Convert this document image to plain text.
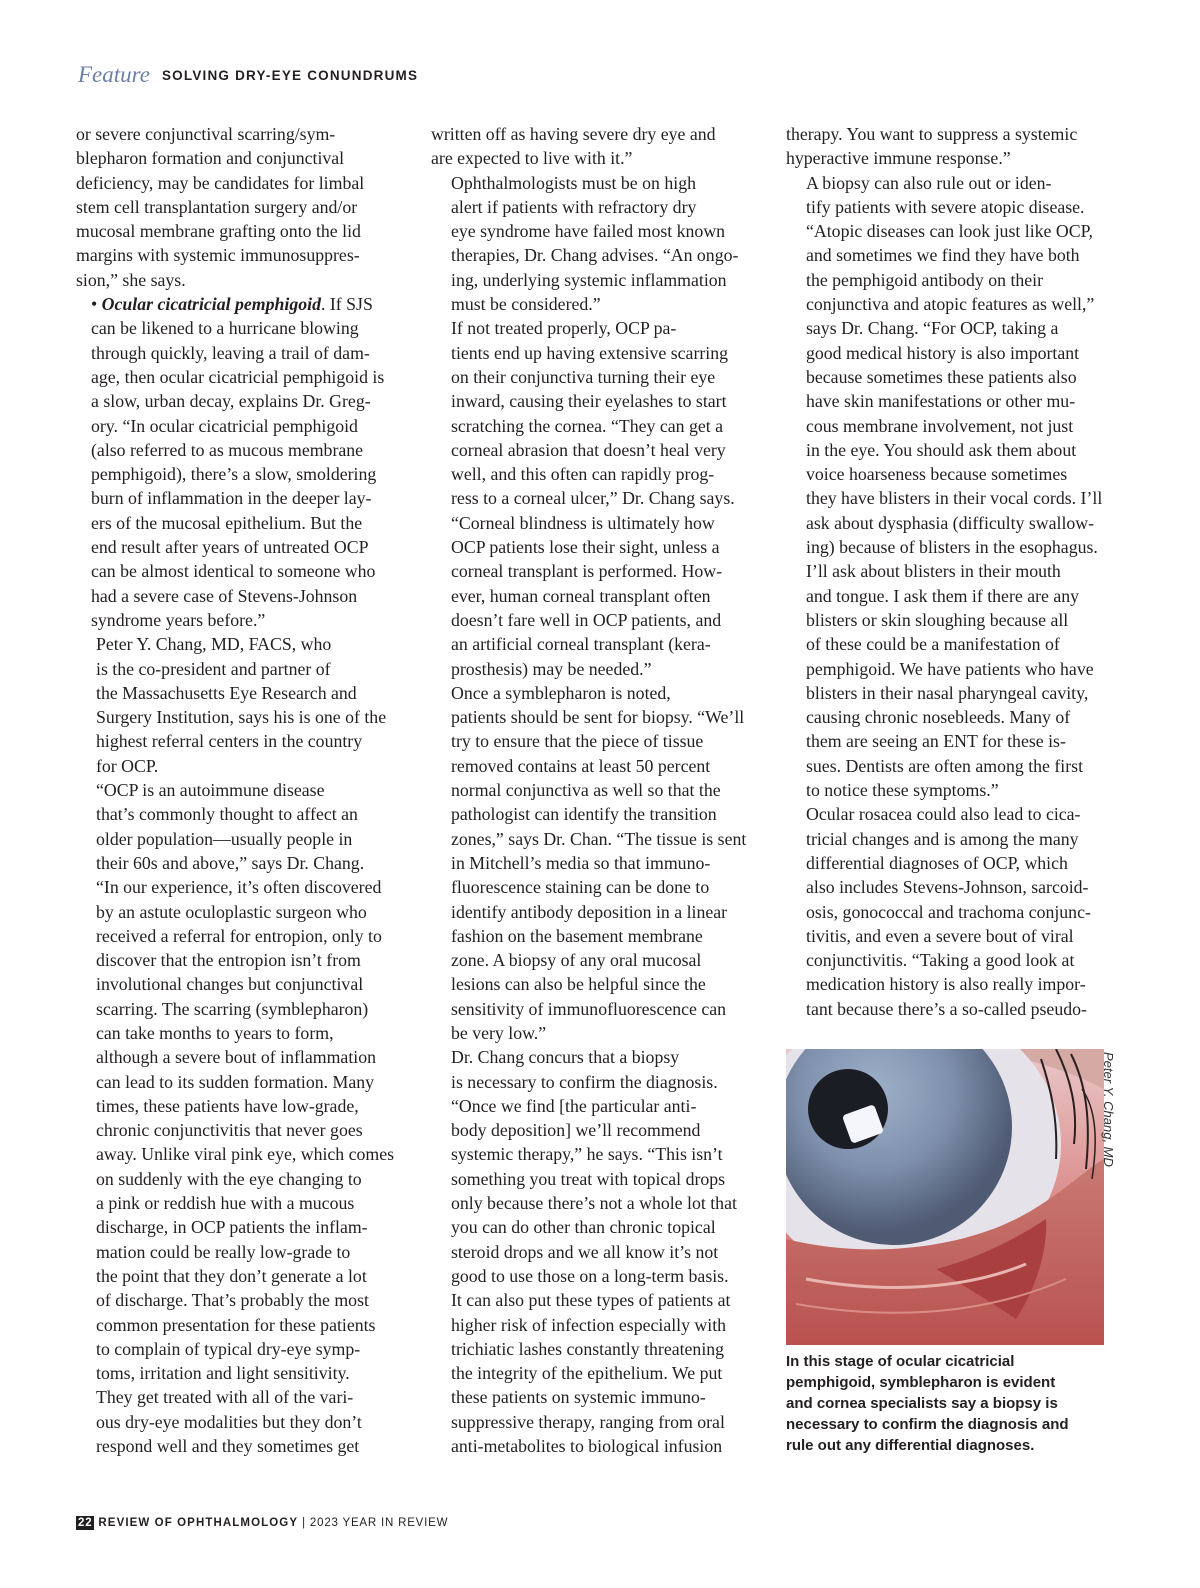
Feature SOLVING DRY-EYE CONUNDRUMS

or severe conjunctival scarring/sym-
blepharon formation and conjunctival
deficiency, may be candidates for limbal
stem cell transplantation surgery and/or
mucosal membrane grafting onto the lid
margins with systemic immunosuppres-
sion,” she says.

• Ocular cicatricial pemphigoid. If SJS
can be likened to a hurricane blowing
through quickly, leaving a trail of dam-
age, then ocular cicatricial pemphigoid is
a slow, urban decay, explains Dr. Greg-
ory. “In ocular cicatricial pemphigoid
(also referred to as mucous membrane
pemphigoid), there’s a slow, smoldering
burn of inflammation in the deeper lay-
ers of the mucosal epithelium. But the
end result after years of untreated OCP
can be almost identical to someone who
had a severe case of Stevens-Johnson
syndrome years before.”

Peter Y. Chang, MD, FACS, who
is the co-president and partner of
the Massachusetts Eye Research and
Surgery Institution, says his is one of the
highest referral centers in the country
for OCP.

“OCP is an autoimmune disease
that’s commonly thought to affect an
older population—usually people in
their 60s and above,” says Dr. Chang.
“In our experience, it’s often discovered
by an astute oculoplastic surgeon who
received a referral for entropion, only to
discover that the entropion isn’t from
involutional changes but conjunctival
scarring. The scarring (symblepharon)
can take months to years to form,
although a severe bout of inflammation
can lead to its sudden formation. Many
times, these patients have low-grade,
chronic conjunctivitis that never goes
away. Unlike viral pink eye, which comes
on suddenly with the eye changing to
a pink or reddish hue with a mucous
discharge, in OCP patients the inflam-
mation could be really low-grade to
the point that they don’t generate a lot
of discharge. That’s probably the most
common presentation for these patients
to complain of typical dry-eye symp-
toms, irritation and light sensitivity.
They get treated with all of the vari-
ous dry-eye modalities but they don’t
respond well and they sometimes get

written off as having severe dry eye and
are expected to live with it.”

Ophthalmologists must be on high
alert if patients with refractory dry
eye syndrome have failed most known
therapies, Dr. Chang advises. “An ongo-
ing, underlying systemic inflammation
must be considered.”

If not treated properly, OCP pa-
tients end up having extensive scarring
on their conjunctiva turning their eye
inward, causing their eyelashes to start
scratching the cornea. “They can get a
corneal abrasion that doesn’t heal very
well, and this often can rapidly prog-
ress to a corneal ulcer,” Dr. Chang says.
“Corneal blindness is ultimately how
OCP patients lose their sight, unless a
corneal transplant is performed. How-
ever, human corneal transplant often
doesn’t fare well in OCP patients, and
an artificial corneal transplant (kera-
prosthesis) may be needed.”

Once a symblepharon is noted,
patients should be sent for biopsy. “We’ll
try to ensure that the piece of tissue
removed contains at least 50 percent
normal conjunctiva as well so that the
pathologist can identify the transition
zones,” says Dr. Chan. “The tissue is sent
in Mitchell’s media so that immuno-
fluorescence staining can be done to
identify antibody deposition in a linear
fashion on the basement membrane
zone. A biopsy of any oral mucosal
lesions can also be helpful since the
sensitivity of immunofluorescence can
be very low.”

Dr. Chang concurs that a biopsy
is necessary to confirm the diagnosis.
“Once we find [the particular anti-
body deposition] we’ll recommend
systemic therapy,” he says. “This isn’t
something you treat with topical drops
only because there’s not a whole lot that
you can do other than chronic topical
steroid drops and we all know it’s not
good to use those on a long-term basis.
It can also put these types of patients at
higher risk of infection especially with
trichiatic lashes constantly threatening
the integrity of the epithelium. We put
these patients on systemic immuno-
suppressive therapy, ranging from oral
anti-metabolites to biological infusion

therapy. You want to suppress a systemic
hyperactive immune response.”

A biopsy can also rule out or iden-
tify patients with severe atopic disease.
“Atopic diseases can look just like OCP,
and sometimes we find they have both
the pemphigoid antibody on their
conjunctiva and atopic features as well,”
says Dr. Chang. “For OCP, taking a
good medical history is also important
because sometimes these patients also
have skin manifestations or other mu-
cous membrane involvement, not just
in the eye. You should ask them about
voice hoarseness because sometimes
they have blisters in their vocal cords. I’ll
ask about dysphasia (difficulty swallow-
ing) because of blisters in the esophagus.
I’ll ask about blisters in their mouth
and tongue. I ask them if there are any
blisters or skin sloughing because all
of these could be a manifestation of
pemphigoid. We have patients who have
blisters in their nasal pharyngeal cavity,
causing chronic nosebleeds. Many of
them are seeing an ENT for these is-
sues. Dentists are often among the first
to notice these symptoms.”

Ocular rosacea could also lead to cica-
tricial changes and is among the many
differential diagnoses of OCP, which
also includes Stevens-Johnson, sarcoid-
osis, gonococcal and trachoma conjunc-
tivitis, and even a severe bout of viral
conjunctivitis. “Taking a good look at
medication history is also really impor-
tant because there’s a so-called pseudo-

Peter Y. Chang, MD
In this stage of ocular cicatricial
pemphigoid, symblepharon is evident
and cornea specialists say a biopsy is
necessary to confirm the diagnosis and
rule out any differential diagnoses.
22 REVIEW OF OPHTHALMOLOGY | 2023 YEAR IN REVIEW
